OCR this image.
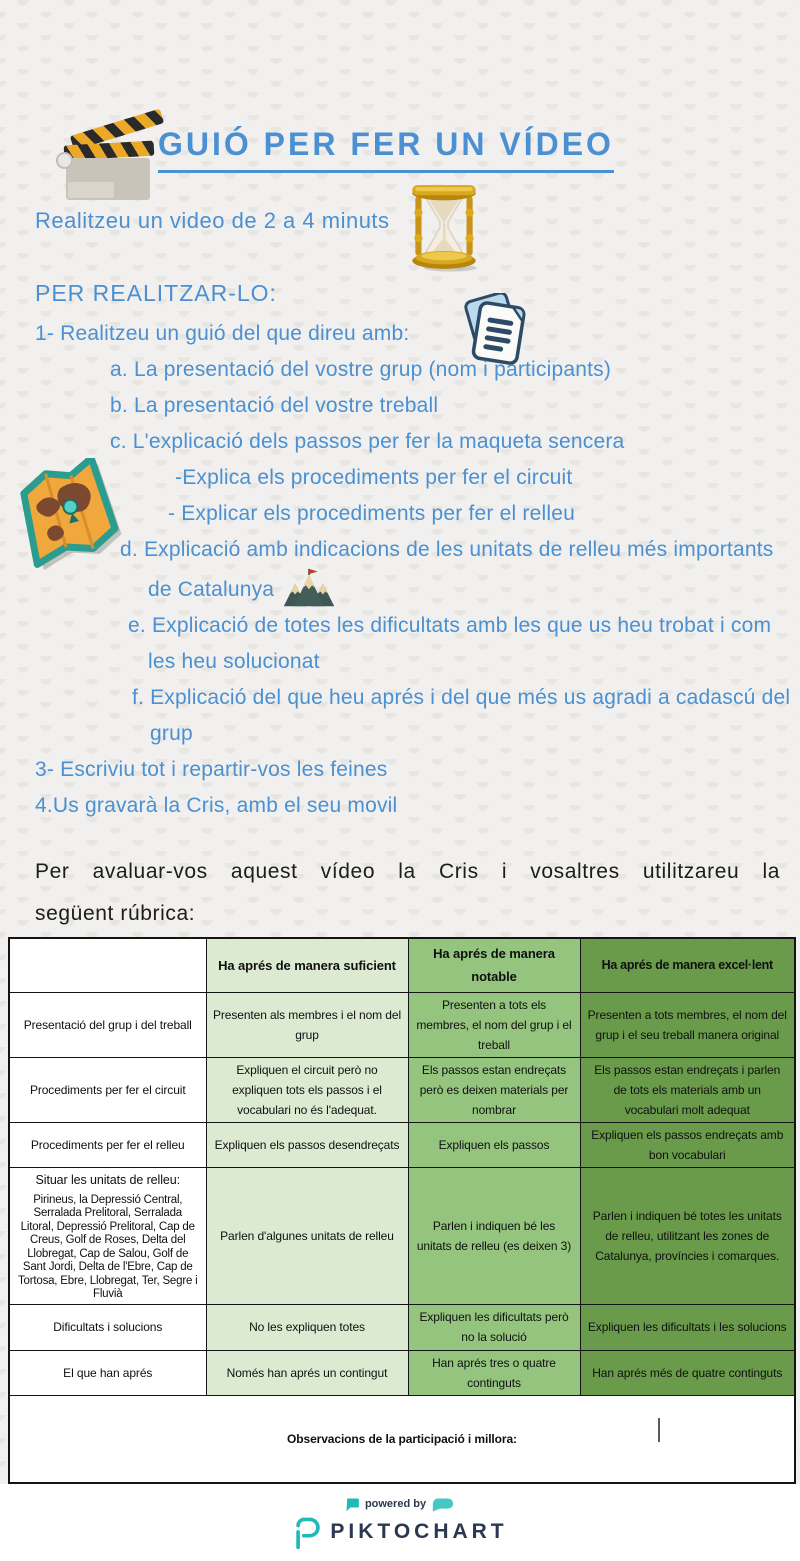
GUIÓ PER FER UN VÍDEO
Realitzeu un video de 2 a 4 minuts
PER REALITZAR-LO:
1- Realitzeu un guió del que direu amb:
a. La presentació del vostre grup (nom i participants)
b. La presentació del vostre treball
c. L'explicació dels passos per fer la maqueta sencera
-Explica els procediments per fer el circuit
- Explicar els procediments per fer el relleu
d. Explicació amb indicacions de les unitats de relleu més importants de Catalunya
e. Explicació de totes les dificultats amb les que us heu trobat i com les heu solucionat
f. Explicació del que heu aprés i del que més us agradi a cadascú del grup
3- Escriviu tot i repartir-vos les feines
4.Us gravarà la Cris, amb el seu movil
Per avaluar-vos aquest vídeo la Cris i vosaltres utilitzareu la
següent rúbrica:
	Ha aprés de manera suficient	Ha aprés de manera notable	Ha aprés de manera excel·lent
Presentació del grup i del treball	Presenten als membres i el nom del grup	Presenten a tots els membres, el nom del grup i el treball	Presenten a tots membres, el nom del grup i el seu treball manera original
Procediments per fer el circuit	Expliquen el circuit però no expliquen tots els passos i el vocabulari no és l'adequat.	Els passos estan endreçats però es deixen materials per nombrar	Els passos estan endreçats i parlen de tots els materials amb un vocabulari molt adequat
Procediments per fer el relleu	Expliquen els passos desendreçats	Expliquen els passos	Expliquen els passos endreçats amb bon vocabulari

Situar les unitats de relleu:
Pirineus, la Depressió Central, Serralada Prelitoral, Serralada Litoral, Depressió Prelitoral, Cap de Creus, Golf de Roses, Delta del Llobregat, Cap de Salou, Golf de Sant Jordi, Delta de l'Ebre, Cap de Tortosa, Ebre, Llobregat, Ter, Segre i Fluvià	Parlen d'algunes unitats de relleu	Parlen i indiquen bé les unitats de relleu (es deixen 3)	Parlen i indiquen bé totes les unitats de relleu, utilitzant les zones de Catalunya, províncies i comarques.
Dificultats i solucions	No les expliquen totes	Expliquen les dificultats però no la solució	Expliquen les dificultats i les solucions
El que han aprés	Només han aprés un contingut	Han aprés tres o quatre continguts	Han aprés més de quatre continguts
Observacions de la participació i millora:			
powered by
PIKTOCHART
